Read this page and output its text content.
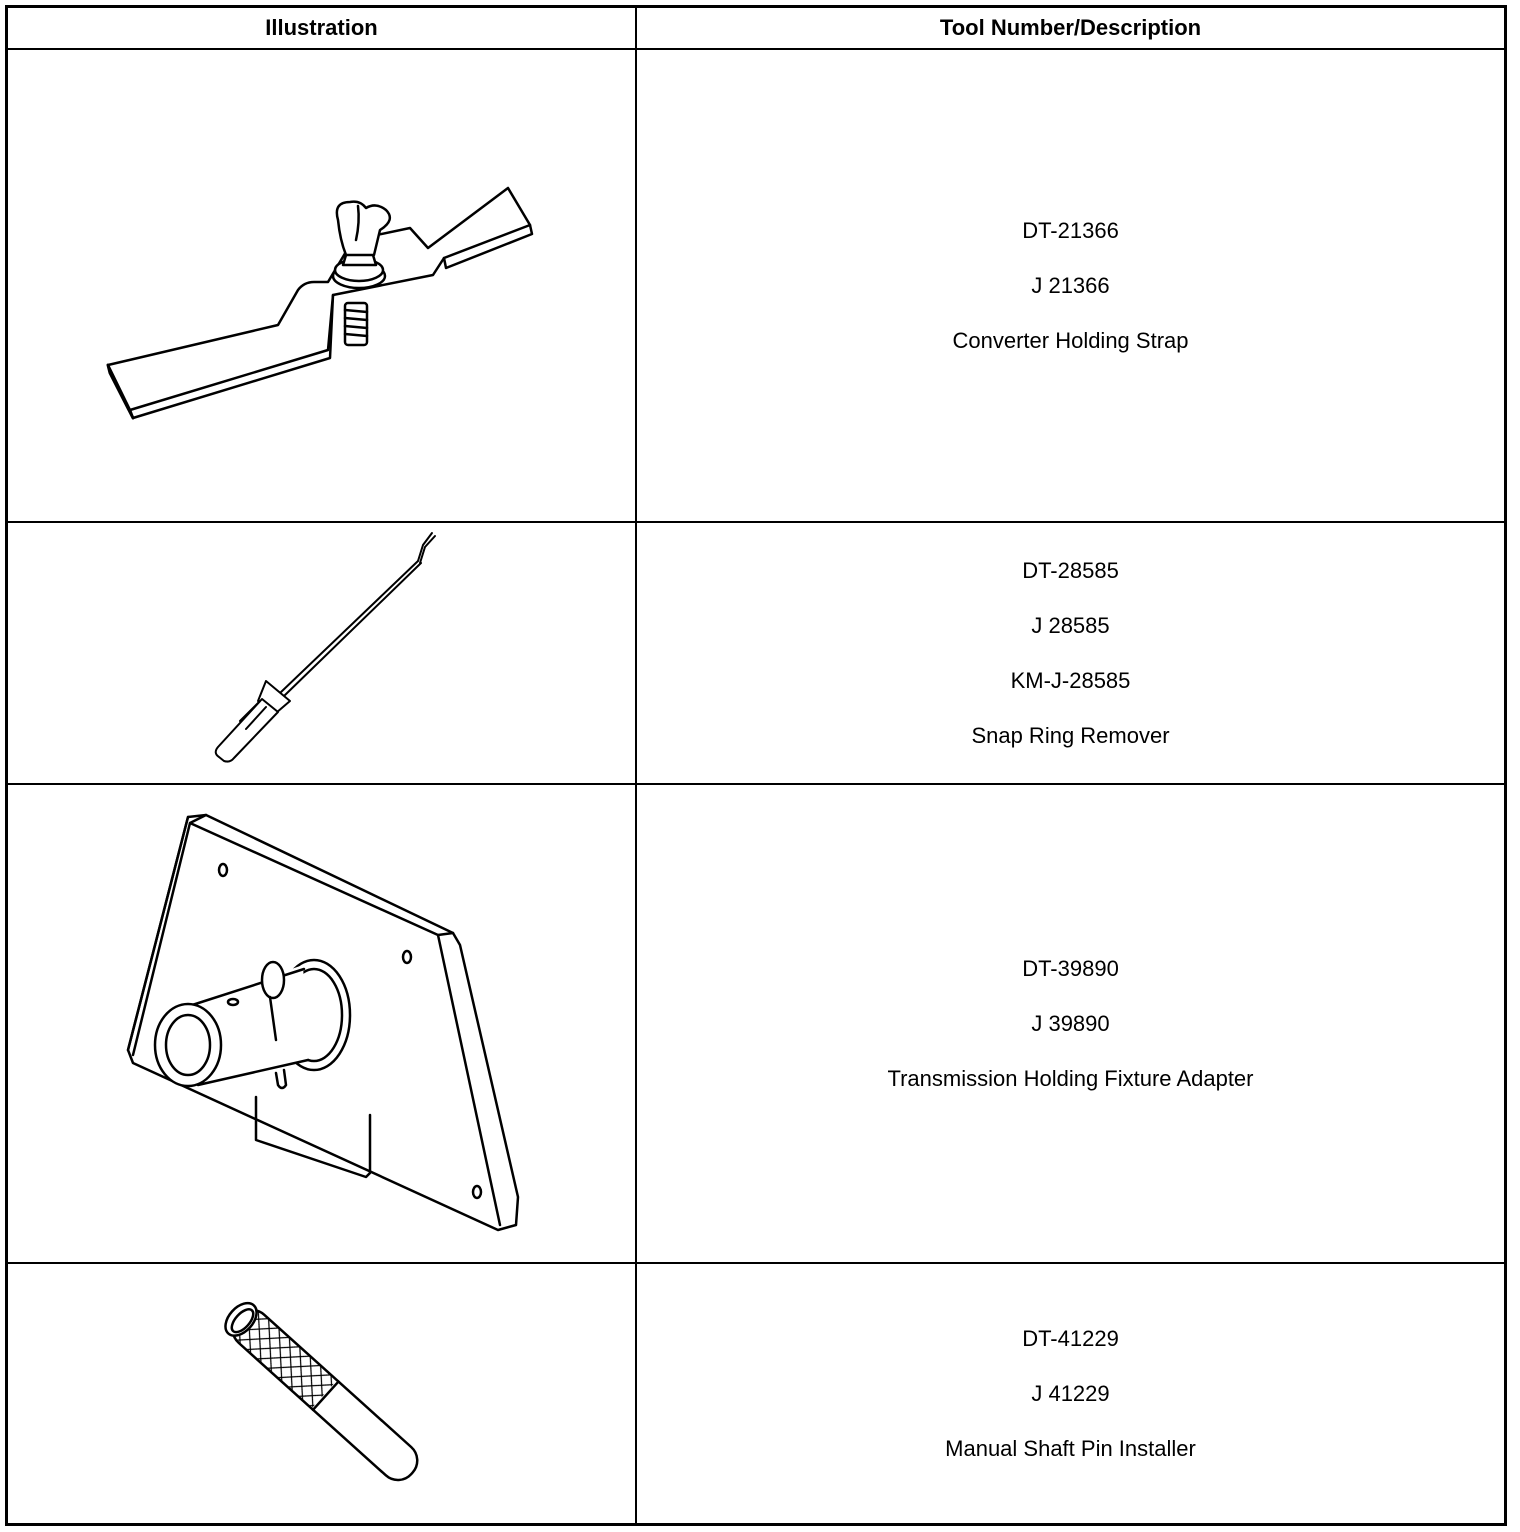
Illustration	Tool Number/Description
DT-21366
J 21366
Converter Holding Strap
DT-28585
J 28585
KM-J-28585
Snap Ring Remover
DT-39890
J 39890
Transmission Holding Fixture Adapter
DT-41229
J 41229
Manual Shaft Pin Installer
